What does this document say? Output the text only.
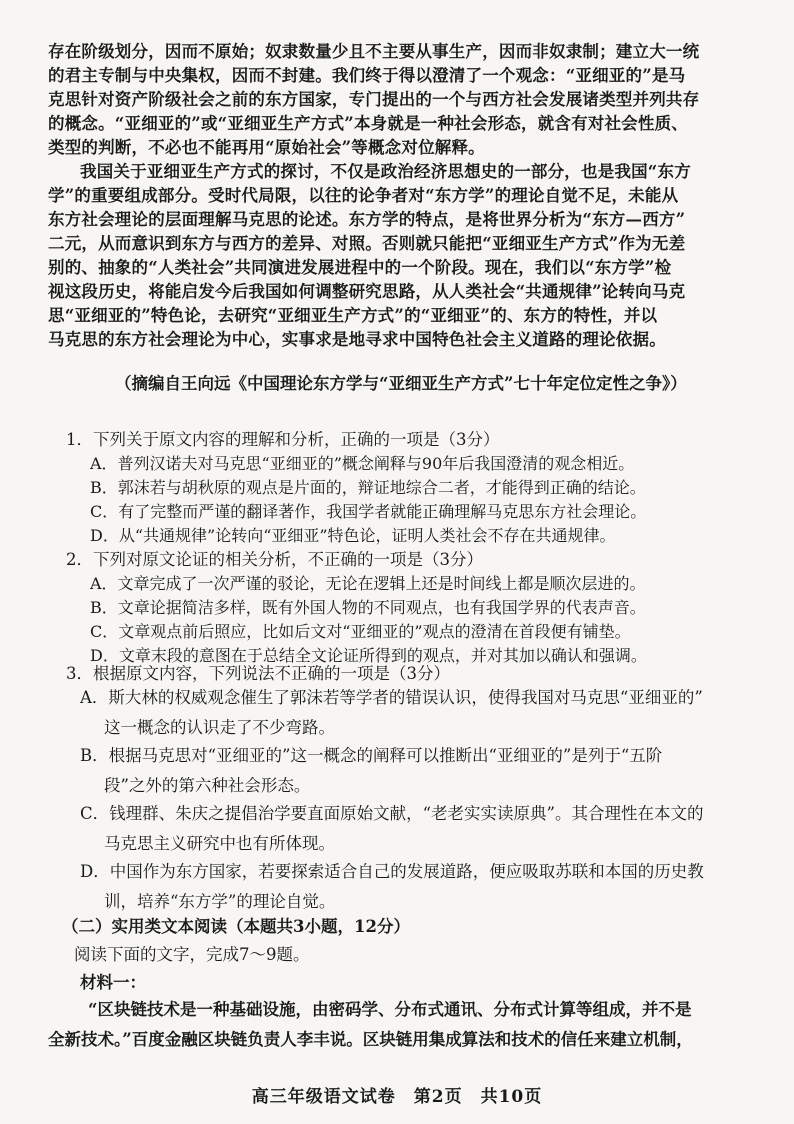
存在阶级划分，因而不原始；奴隶数量少且不主要从事生产，因而非奴隶制；建立大一统
的君主专制与中央集权，因而不封建。我们终于得以澄清了一个观念：“亚细亚的”是马
克思针对资产阶级社会之前的东方国家，专门提出的一个与西方社会发展诸类型并列共存
的概念。“亚细亚的”或“亚细亚生产方式”本身就是一种社会形态，就含有对社会性质、
类型的判断，不必也不能再用“原始社会”等概念对位解释。
我国关于亚细亚生产方式的探讨，不仅是政治经济思想史的一部分，也是我国“东方
学”的重要组成部分。受时代局限，以往的论争者对“东方学”的理论自觉不足，未能从
东方社会理论的层面理解马克思的论述。东方学的特点，是将世界分析为“东方—西方”
二元，从而意识到东方与西方的差异、对照。否则就只能把“亚细亚生产方式”作为无差
别的、抽象的“人类社会”共同演进发展进程中的一个阶段。现在，我们以“东方学”检
视这段历史，将能启发今后我国如何调整研究思路，从人类社会“共通规律”论转向马克
思“亚细亚的”特色论，去研究“亚细亚生产方式”的“亚细亚”的、东方的特性，并以
马克思的东方社会理论为中心，实事求是地寻求中国特色社会主义道路的理论依据。
（摘编自王向远《中国理论东方学与“亚细亚生产方式”七十年定位定性之争》）
1．下列关于原文内容的理解和分析，正确的一项是（3分）
A．普列汉诺夫对马克思“亚细亚的”概念阐释与90年后我国澄清的观念相近。
B．郭沫若与胡秋原的观点是片面的，辩证地综合二者，才能得到正确的结论。
C．有了完整而严谨的翻译著作，我国学者就能正确理解马克思东方社会理论。
D．从“共通规律”论转向“亚细亚”特色论，证明人类社会不存在共通规律。
2．下列对原文论证的相关分析，不正确的一项是（3分）
A．文章完成了一次严谨的驳论，无论在逻辑上还是时间线上都是顺次层进的。
B．文章论据简洁多样，既有外国人物的不同观点，也有我国学界的代表声音。
C．文章观点前后照应，比如后文对“亚细亚的”观点的澄清在首段便有铺垫。
D．文章末段的意图在于总结全文论证所得到的观点，并对其加以确认和强调。
3．根据原文内容，下列说法不正确的一项是（3分）
A．斯大林的权威观念催生了郭沫若等学者的错误认识，使得我国对马克思“亚细亚的”
这一概念的认识走了不少弯路。
B．根据马克思对“亚细亚的”这一概念的阐释可以推断出“亚细亚的”是列于“五阶
段”之外的第六种社会形态。
C．钱理群、朱庆之提倡治学要直面原始文献，“老老实实读原典”。其合理性在本文的
马克思主义研究中也有所体现。
D．中国作为东方国家，若要探索适合自己的发展道路，便应吸取苏联和本国的历史教
训，培养“东方学”的理论自觉。
高三年级语文试卷　第2页　共10页
（二）实用类文本阅读（本题共3小题，12分）
阅读下面的文字，完成7～9题。
材料一：
“区块链技术是一种基础设施，由密码学、分布式通讯、分布式计算等组成，并不是
全新技术。”百度金融区块链负责人李丰说。区块链用集成算法和技术的信任来建立机制，
